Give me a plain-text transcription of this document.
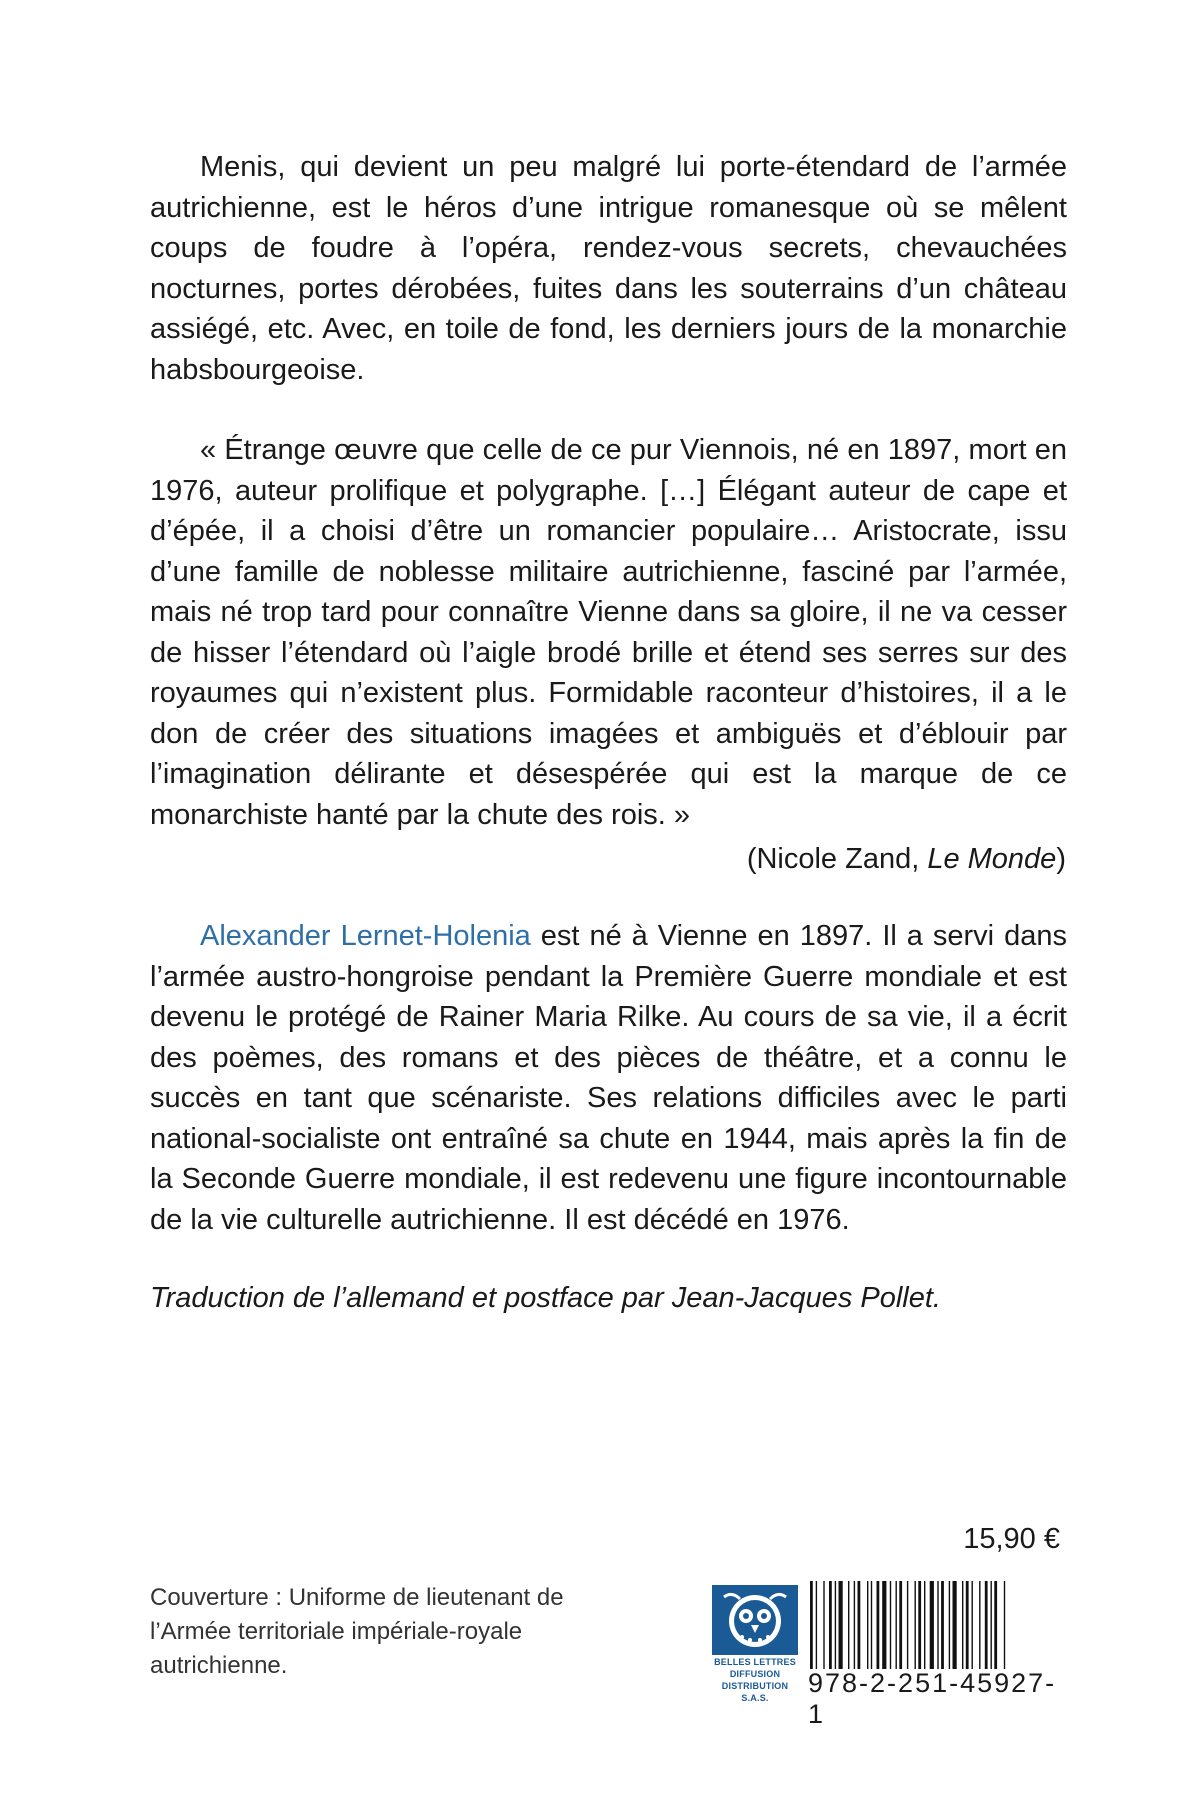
Menis, qui devient un peu malgré lui porte-étendard de l’armée autrichienne, est le héros d’une intrigue romanesque où se mêlent coups de foudre à l’opéra, rendez-vous secrets, chevauchées nocturnes, portes dérobées, fuites dans les souterrains d’un château assiégé, etc. Avec, en toile de fond, les derniers jours de la monarchie habsbourgeoise.

« Étrange œuvre que celle de ce pur Viennois, né en 1897, mort en 1976, auteur prolifique et polygraphe. […] Élégant auteur de cape et d’épée, il a choisi d’être un romancier populaire… Aristocrate, issu d’une famille de noblesse militaire autrichienne, fasciné par l’armée, mais né trop tard pour connaître Vienne dans sa gloire, il ne va cesser de hisser l’étendard où l’aigle brodé brille et étend ses serres sur des royaumes qui n’existent plus. Formidable raconteur d’histoires, il a le don de créer des situations imagées et ambiguës et d’éblouir par l’imagination délirante et désespérée qui est la marque de ce monarchiste hanté par la chute des rois. »

(Nicole Zand, Le Monde)

Alexander Lernet-Holenia est né à Vienne en 1897. Il a servi dans l’armée austro-hongroise pendant la Première Guerre mondiale et est devenu le protégé de Rainer Maria Rilke. Au cours de sa vie, il a écrit des poèmes, des romans et des pièces de théâtre, et a connu le succès en tant que scénariste. Ses relations difficiles avec le parti national-socialiste ont entraîné sa chute en 1944, mais après la fin de la Seconde Guerre mondiale, il est redevenu une figure incontournable de la vie culturelle autrichienne. Il est décédé en 1976.

Traduction de l’allemand et postface par Jean-Jacques Pollet.

15,90 €

Couverture : Uniforme de lieutenant de l’Armée territoriale impériale-royale autrichienne.	BELLES LETTRES
DIFFUSION
DISTRIBUTION
S.A.S.	978-2-251-45927-1
